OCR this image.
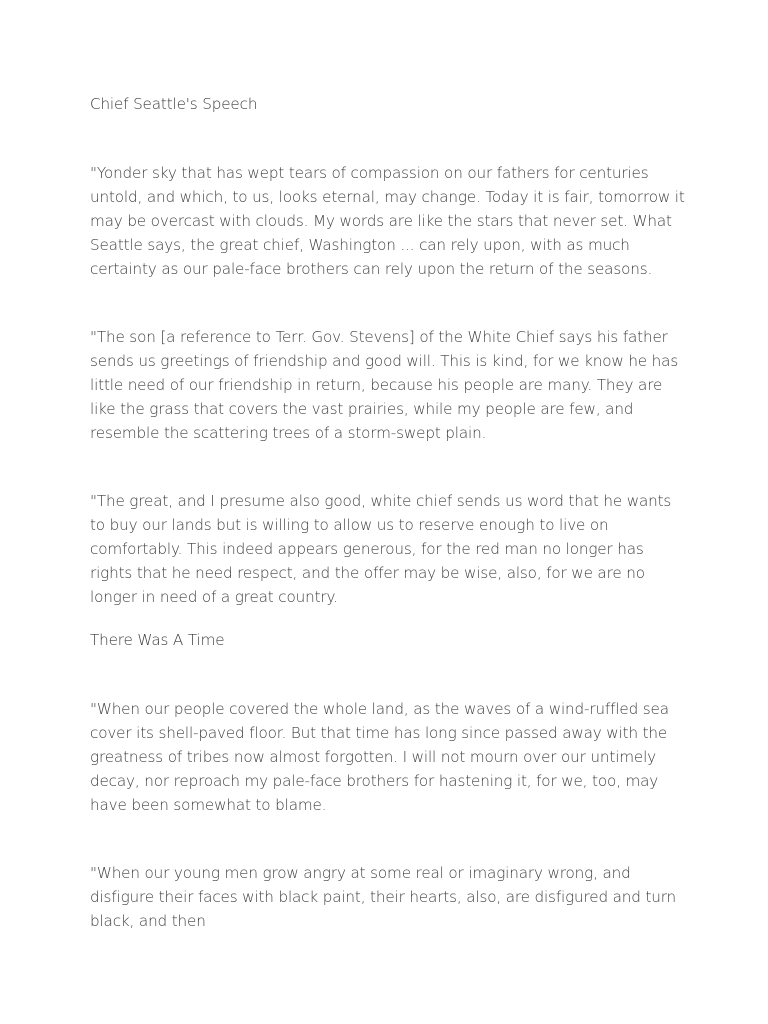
Chief Seattle's Speech

"Yonder sky that has wept tears of compassion on our fathers for centuries untold, and which, to us, looks eternal, may change. Today it is fair, tomorrow it may be overcast with clouds. My words are like the stars that never set. What Seattle says, the great chief, Washington ... can rely upon, with as much certainty as our pale-face brothers can rely upon the return of the seasons.

"The son [a reference to Terr. Gov. Stevens] of the White Chief says his father sends us greetings of friendship and good will. This is kind, for we know he has little need of our friendship in return, because his people are many. They are like the grass that covers the vast prairies, while my people are few, and resemble the scattering trees of a storm-swept plain.

"The great, and I presume also good, white chief sends us word that he wants to buy our lands but is willing to allow us to reserve enough to live on comfortably. This indeed appears generous, for the red man no longer has rights that he need respect, and the offer may be wise, also, for we are no longer in need of a great country.

There Was A Time

"When our people covered the whole land, as the waves of a wind-ruffled sea cover its shell-paved floor. But that time has long since passed away with the greatness of tribes now almost forgotten. I will not mourn over our untimely decay, nor reproach my pale-face brothers for hastening it, for we, too, may have been somewhat to blame.

"When our young men grow angry at some real or imaginary wrong, and disfigure their faces with black paint, their hearts, also, are disfigured and turn black, and then
